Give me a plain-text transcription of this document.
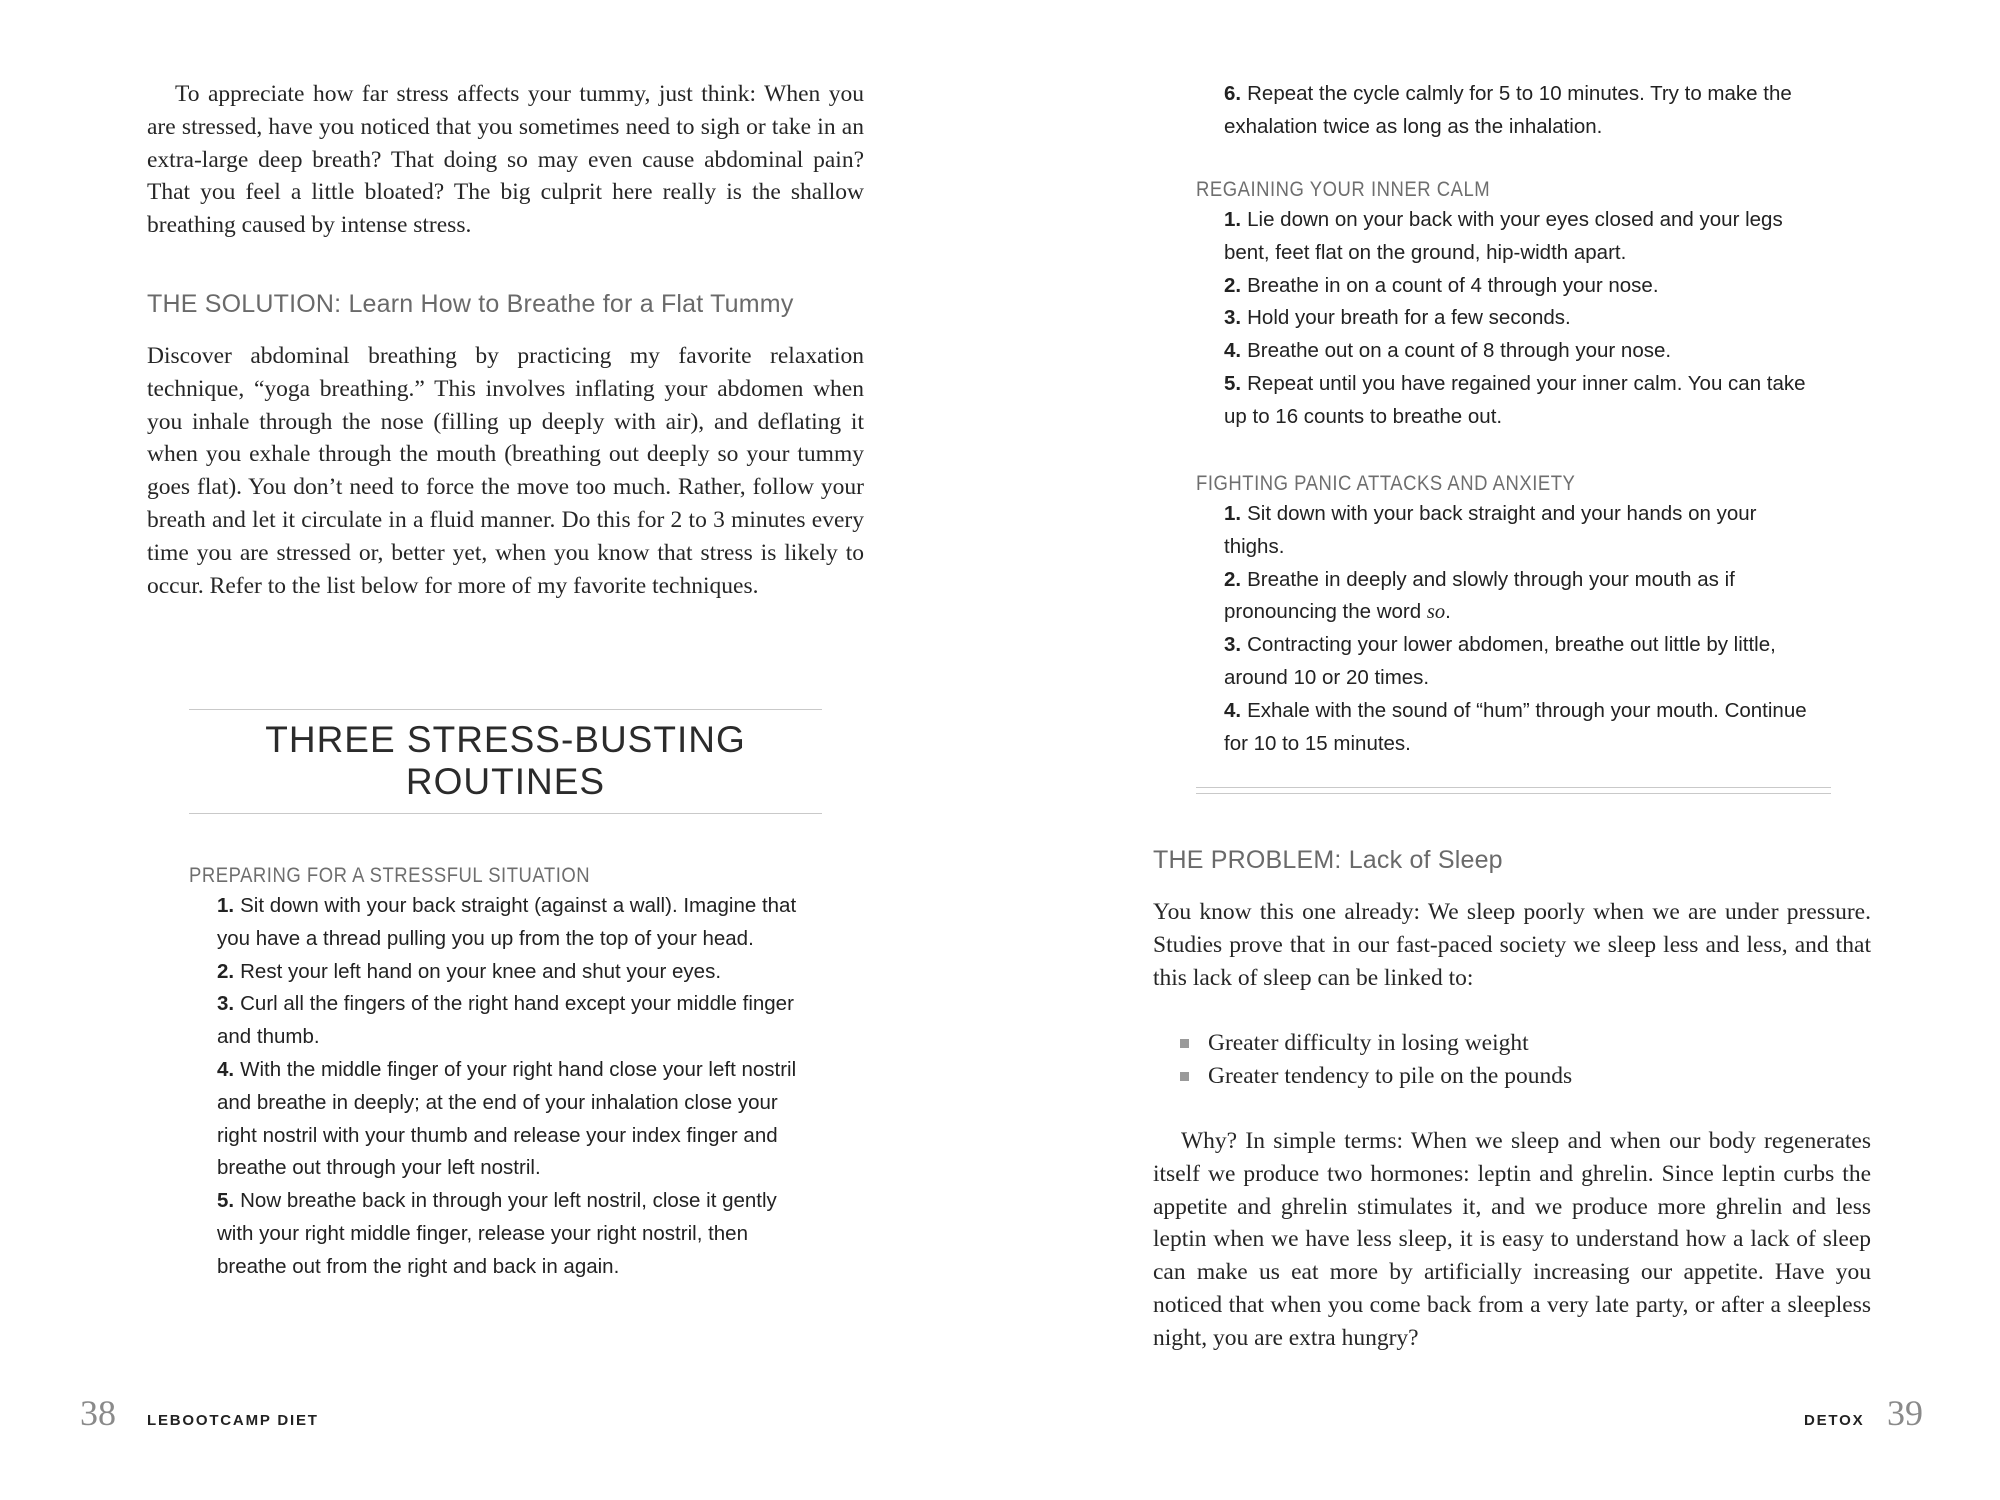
To appreciate how far stress affects your tummy, just think: When you are stressed, have you noticed that you sometimes need to sigh or take in an extra-large deep breath? That doing so may even cause abdominal pain? That you feel a little bloated? The big culprit here really is the shallow breathing caused by intense stress.

THE SOLUTION: Learn How to Breathe for a Flat Tummy

Discover abdominal breathing by practicing my favorite relaxation technique, “yoga breathing.” This involves inflating your abdomen when you inhale through the nose (filling up deeply with air), and deflating it when you exhale through the mouth (breathing out deeply so your tummy goes flat). You don’t need to force the move too much. Rather, follow your breath and let it circulate in a fluid manner. Do this for 2 to 3 minutes every time you are stressed or, better yet, when you know that stress is likely to occur. Refer to the list below for more of my favorite techniques.

THREE STRESS-BUSTING

ROUTINES

PREPARING FOR A STRESSFUL SITUATION
1. Sit down with your back straight (against a wall). Imagine that you have a thread pulling you up from the top of your head.
2. Rest your left hand on your knee and shut your eyes.
3. Curl all the fingers of the right hand except your middle finger and thumb.
4. With the middle finger of your right hand close your left nostril and breathe in deeply; at the end of your inhalation close your right nostril with your thumb and release your index finger and breathe out through your left nostril.
5. Now breathe back in through your left nostril, close it gently with your right middle finger, release your right nostril, then breathe out from the right and back in again.
38 LEBOOTCAMP DIET
6. Repeat the cycle calmly for 5 to 10 minutes. Try to make the exhalation twice as long as the inhalation.
REGAINING YOUR INNER CALM
1. Lie down on your back with your eyes closed and your legs bent, feet flat on the ground, hip-width apart.
2. Breathe in on a count of 4 through your nose.
3. Hold your breath for a few seconds.
4. Breathe out on a count of 8 through your nose.
5. Repeat until you have regained your inner calm. You can take up to 16 counts to breathe out.
FIGHTING PANIC ATTACKS AND ANXIETY
1. Sit down with your back straight and your hands on your thighs.
2. Breathe in deeply and slowly through your mouth as if pronouncing the word so.
3. Contracting your lower abdomen, breathe out little by little, around 10 or 20 times.
4. Exhale with the sound of “hum” through your mouth. Continue for 10 to 15 minutes.
THE PROBLEM: Lack of Sleep

You know this one already: We sleep poorly when we are under pressure. Studies prove that in our fast-paced society we sleep less and less, and that this lack of sleep can be linked to:

Greater difficulty in losing weight
Greater tendency to pile on the pounds

Why? In simple terms: When we sleep and when our body regenerates itself we produce two hormones: leptin and ghrelin. Since leptin curbs the appetite and ghrelin stimulates it, and we produce more ghrelin and less leptin when we have less sleep, it is easy to understand how a lack of sleep can make us eat more by artificially increasing our appetite. Have you noticed that when you come back from a very late party, or after a sleepless night, you are extra hungry?

DETOX 39
